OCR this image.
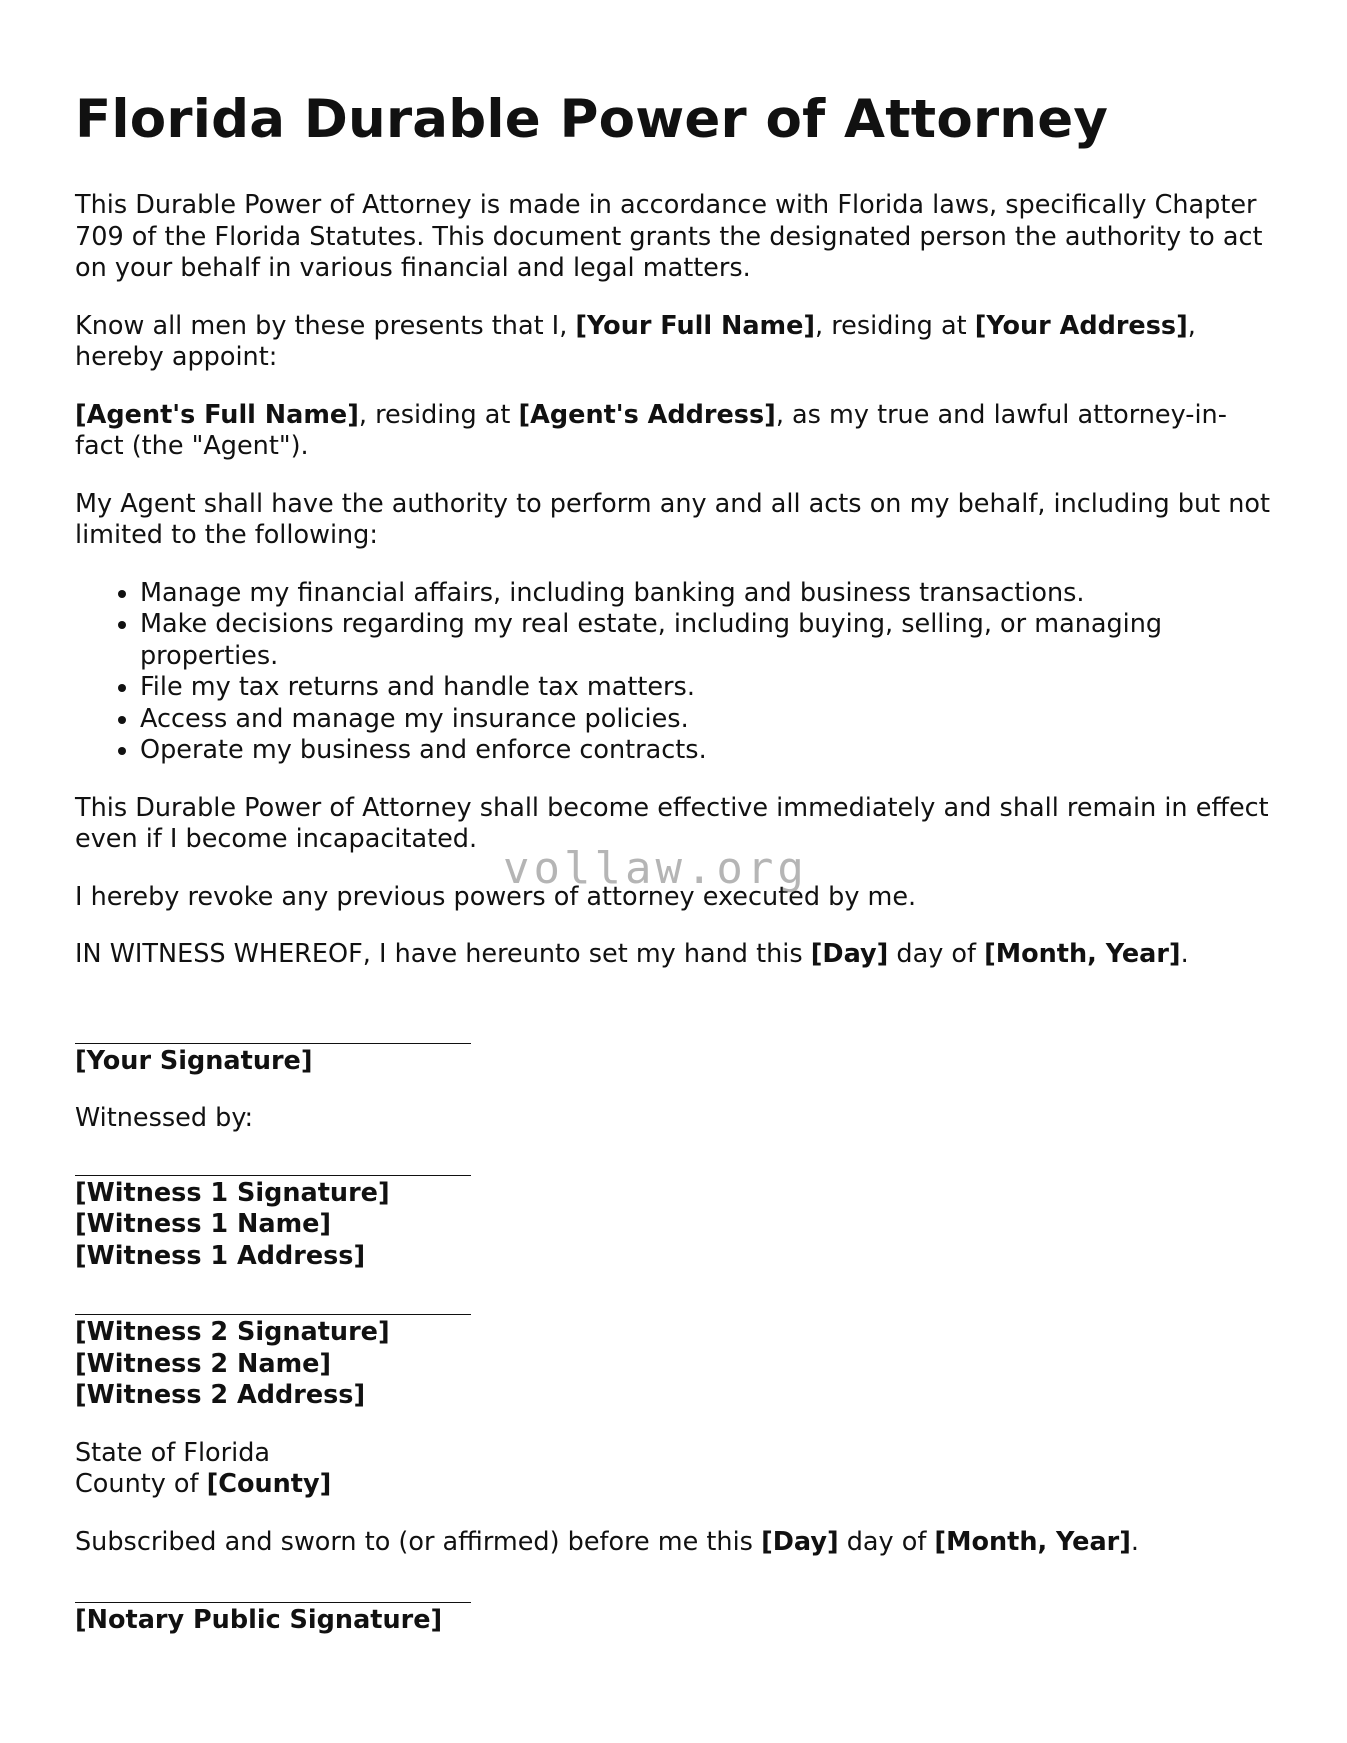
Florida Durable Power of Attorney

This Durable Power of Attorney is made in accordance with Florida laws, specifically Chapter 709 of the Florida Statutes. This document grants the designated person the authority to act on your behalf in various financial and legal matters.

Know all men by these presents that I, [Your Full Name], residing at [Your Address], hereby appoint:

[Agent's Full Name], residing at [Agent's Address], as my true and lawful attorney-in-fact (the "Agent").

My Agent shall have the authority to perform any and all acts on my behalf, including but not limited to the following:

• Manage my financial affairs, including banking and business transactions.
• Make decisions regarding my real estate, including buying, selling, or managing properties.
• File my tax returns and handle tax matters.
• Access and manage my insurance policies.
• Operate my business and enforce contracts.

This Durable Power of Attorney shall become effective immediately and shall remain in effect even if I become incapacitated.

I hereby revoke any previous powers of attorney executed by me.

IN WITNESS WHEREOF, I have hereunto set my hand this [Day] day of [Month, Year].

[Your Signature]

Witnessed by:

[Witness 1 Signature]
[Witness 1 Name]
[Witness 1 Address]
[Witness 2 Signature]
[Witness 2 Name]
[Witness 2 Address]

State of Florida
County of [County]

Subscribed and sworn to (or affirmed) before me this [Day] day of [Month, Year].

[Notary Public Signature]
vollaw.org
